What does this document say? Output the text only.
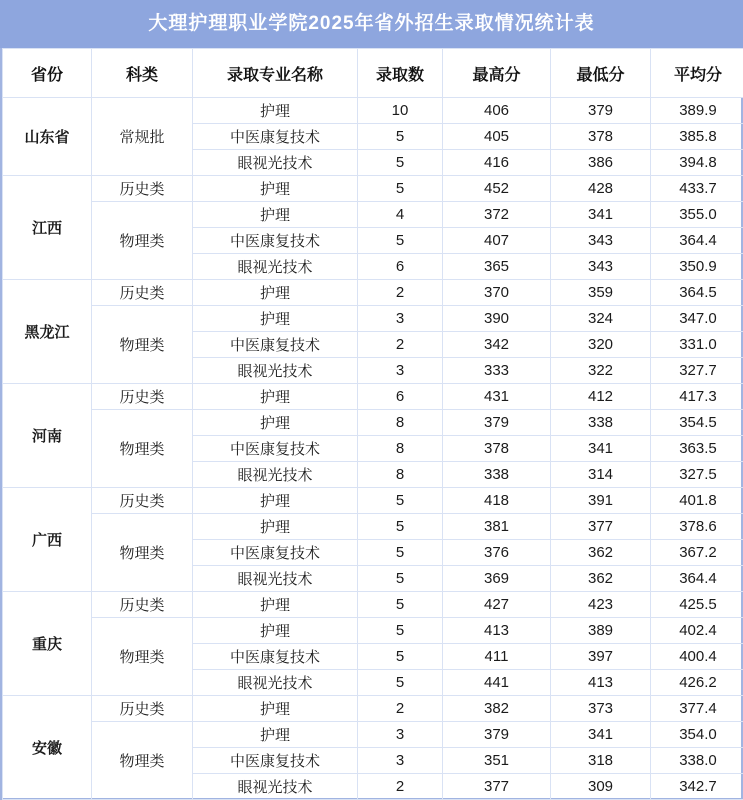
大理护理职业学院2025年省外招生录取情况统计表
省份	科类	录取专业名称	录取数	最高分	最低分	平均分
山东省	常规批	护理	10	406	379	389.9
		中医康复技术	5	405	378	385.8
		眼视光技术	5	416	386	394.8
江西	历史类	护理	5	452	428	433.7
	物理类	护理	4	372	341	355.0
		中医康复技术	5	407	343	364.4
		眼视光技术	6	365	343	350.9
黑龙江	历史类	护理	2	370	359	364.5
	物理类	护理	3	390	324	347.0
		中医康复技术	2	342	320	331.0
		眼视光技术	3	333	322	327.7
河南	历史类	护理	6	431	412	417.3
	物理类	护理	8	379	338	354.5
		中医康复技术	8	378	341	363.5
		眼视光技术	8	338	314	327.5
广西	历史类	护理	5	418	391	401.8
	物理类	护理	5	381	377	378.6
		中医康复技术	5	376	362	367.2
		眼视光技术	5	369	362	364.4
重庆	历史类	护理	5	427	423	425.5
	物理类	护理	5	413	389	402.4
		中医康复技术	5	411	397	400.4
		眼视光技术	5	441	413	426.2
安徽	历史类	护理	2	382	373	377.4
	物理类	护理	3	379	341	354.0
		中医康复技术	3	351	318	338.0
		眼视光技术	2	377	309	342.7
